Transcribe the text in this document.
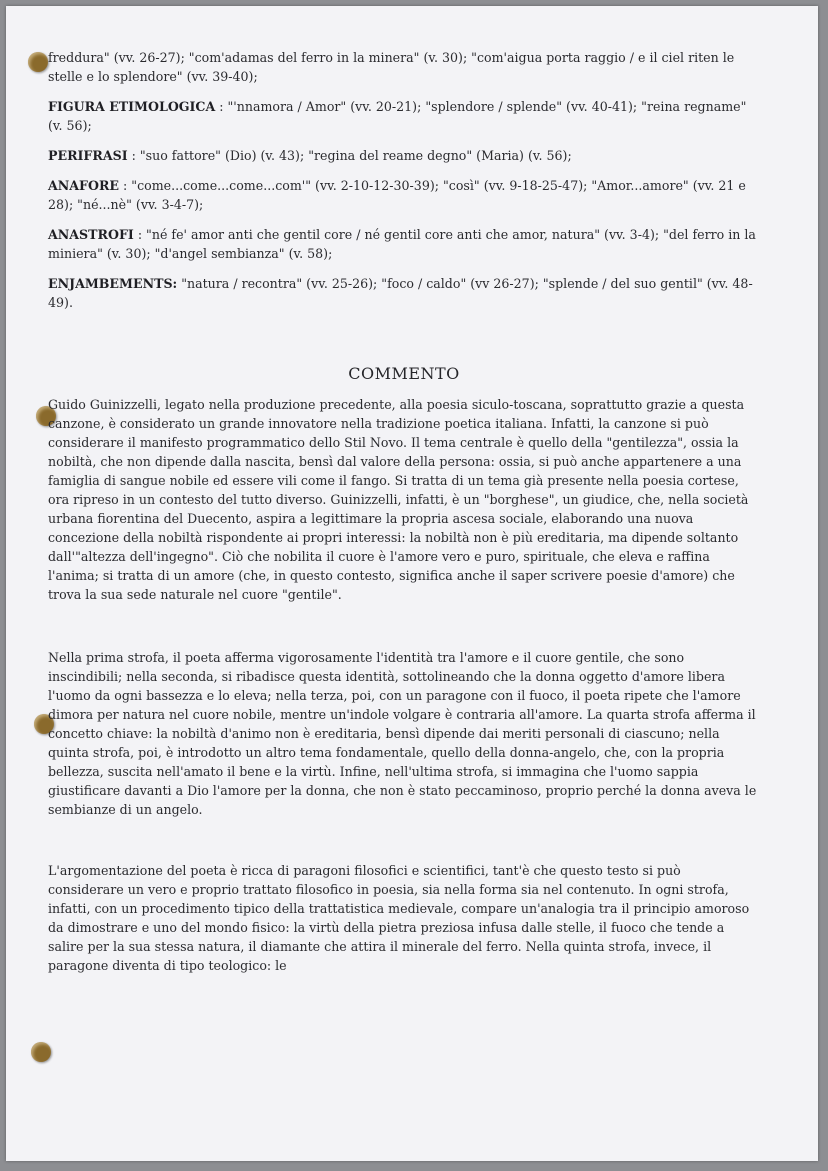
freddura" (vv. 26-27); "com'adamas del ferro in la minera" (v. 30); "com'aigua porta raggio / e il ciel riten le stelle e lo splendore" (vv. 39-40);

FIGURA ETIMOLOGICA : "'nnamora / Amor" (vv. 20-21); "splendore / splende" (vv. 40-41); "reina regname" (v. 56);

PERIFRASI : "suo fattore" (Dio) (v. 43); "regina del reame degno" (Maria) (v. 56);

ANAFORE : "come...come...come...com'" (vv. 2-10-12-30-39); "così" (vv. 9-18-25-47); "Amor...amore" (vv. 21 e 28); "né...nè" (vv. 3-4-7);

ANASTROFI : "né fe' amor anti che gentil core / né gentil core anti che amor, natura" (vv. 3-4); "del ferro in la miniera" (v. 30); "d'angel sembianza" (v. 58);

ENJAMBEMENTS: "natura / recontra" (vv. 25-26); "foco / caldo" (vv 26-27); "splende / del suo gentil" (vv. 48-49).

COMMENTO

Guido Guinizzelli, legato nella produzione precedente, alla poesia siculo-toscana, soprattutto grazie a questa canzone, è considerato un grande innovatore nella tradizione poetica italiana. Infatti, la canzone si può considerare il manifesto programmatico dello Stil Novo. Il tema centrale è quello della "gentilezza", ossia la nobiltà, che non dipende dalla nascita, bensì dal valore della persona: ossia, si può anche appartenere a una famiglia di sangue nobile ed essere vili come il fango. Si tratta di un tema già presente nella poesia cortese, ora ripreso in un contesto del tutto diverso. Guinizzelli, infatti, è un "borghese", un giudice, che, nella società urbana fiorentina del Duecento, aspira a legittimare la propria ascesa sociale, elaborando una nuova concezione della nobiltà rispondente ai propri interessi: la nobiltà non è più ereditaria, ma dipende soltanto dall'"altezza dell'ingegno". Ciò che nobilita il cuore è l'amore vero e puro, spirituale, che eleva e raffina l'anima; si tratta di un amore (che, in questo contesto, significa anche il saper scrivere poesie d'amore) che trova la sua sede naturale nel cuore "gentile".

Nella prima strofa, il poeta afferma vigorosamente l'identità tra l'amore e il cuore gentile, che sono inscindibili; nella seconda, si ribadisce questa identità, sottolineando che la donna oggetto d'amore libera l'uomo da ogni bassezza e lo eleva; nella terza, poi, con un paragone con il fuoco, il poeta ripete che l'amore dimora per natura nel cuore nobile, mentre un'indole volgare è contraria all'amore. La quarta strofa afferma il concetto chiave: la nobiltà d'animo non è ereditaria, bensì dipende dai meriti personali di ciascuno; nella quinta strofa, poi, è introdotto un altro tema fondamentale, quello della donna-angelo, che, con la propria bellezza, suscita nell'amato il bene e la virtù. Infine, nell'ultima strofa, si immagina che l'uomo sappia giustificare davanti a Dio l'amore per la donna, che non è stato peccaminoso, proprio perché la donna aveva le sembianze di un angelo.

L'argomentazione del poeta è ricca di paragoni filosofici e scientifici, tant'è che questo testo si può considerare un vero e proprio trattato filosofico in poesia, sia nella forma sia nel contenuto. In ogni strofa, infatti, con un procedimento tipico della trattatistica medievale, compare un'analogia tra il principio amoroso da dimostrare e uno del mondo fisico: la virtù della pietra preziosa infusa dalle stelle, il fuoco che tende a salire per la sua stessa natura, il diamante che attira il minerale del ferro. Nella quinta strofa, invece, il paragone diventa di tipo teologico: le
